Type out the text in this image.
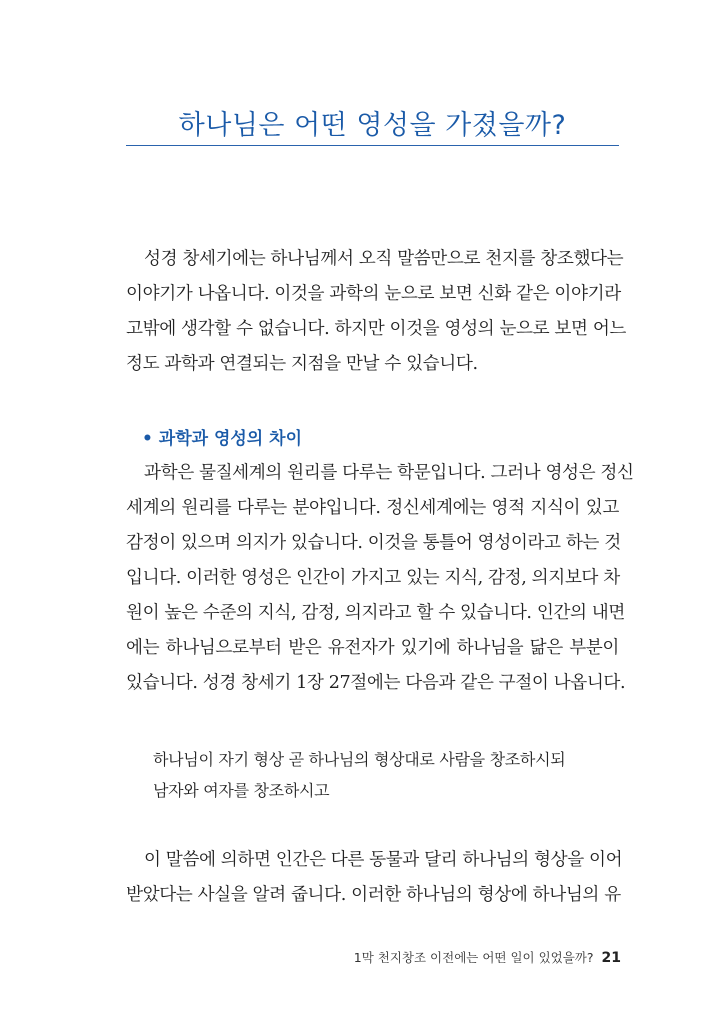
하나님은 어떤 영성을 가졌을까?
성경 창세기에는 하나님께서 오직 말씀만으로 천지를 창조했다는
이야기가 나옵니다. 이것을 과학의 눈으로 보면 신화 같은 이야기라
고밖에 생각할 수 없습니다. 하지만 이것을 영성의 눈으로 보면 어느
정도 과학과 연결되는 지점을 만날 수 있습니다.
• 과학과 영성의 차이
과학은 물질세계의 원리를 다루는 학문입니다. 그러나 영성은 정신
세계의 원리를 다루는 분야입니다. 정신세계에는 영적 지식이 있고
감정이 있으며 의지가 있습니다. 이것을 통틀어 영성이라고 하는 것
입니다. 이러한 영성은 인간이 가지고 있는 지식, 감정, 의지보다 차
원이 높은 수준의 지식, 감정, 의지라고 할 수 있습니다. 인간의 내면
에는 하나님으로부터 받은 유전자가 있기에 하나님을 닮은 부분이
있습니다. 성경 창세기 1장 27절에는 다음과 같은 구절이 나옵니다.
하나님이 자기 형상 곧 하나님의 형상대로 사람을 창조하시되
남자와 여자를 창조하시고
이 말씀에 의하면 인간은 다른 동물과 달리 하나님의 형상을 이어
받았다는 사실을 알려 줍니다. 이러한 하나님의 형상에 하나님의 유
1막 천지창조 이전에는 어떤 일이 있었을까? 21
